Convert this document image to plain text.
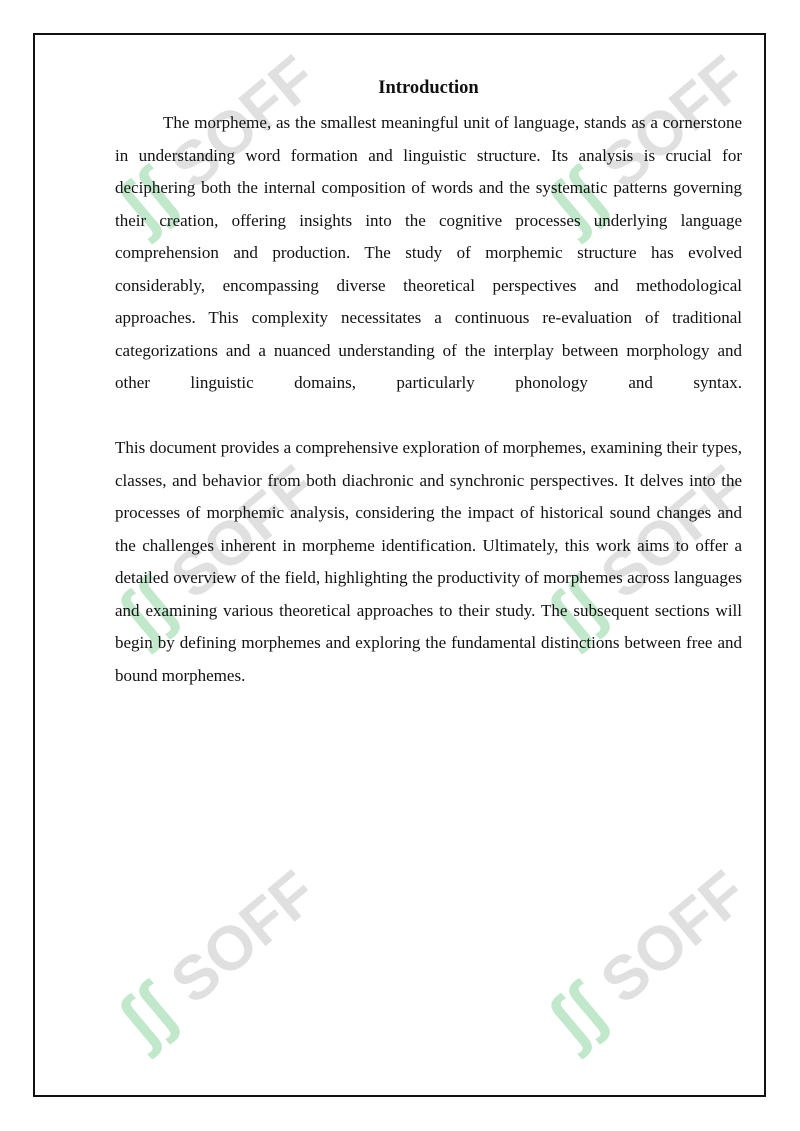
ʃʃ
SOFF	ʃʃ
SOFF
ʃʃ
SOFF	ʃʃ
SOFF
ʃʃ
SOFF	ʃʃ
SOFF
Introduction

The morpheme, as the smallest meaningful unit of language, stands as a cornerstone in understanding word formation and linguistic structure. Its analysis is crucial for deciphering both the internal composition of words and the systematic patterns governing their creation, offering insights into the cognitive processes underlying language comprehension and production. The study of morphemic structure has evolved considerably, encompassing diverse theoretical perspectives and methodological approaches. This complexity necessitates a continuous re-evaluation of traditional categorizations and a nuanced understanding of the interplay between morphology and other linguistic domains, particularly phonology and syntax.

This document provides a comprehensive exploration of morphemes, examining their types, classes, and behavior from both diachronic and synchronic perspectives. It delves into the processes of morphemic analysis, considering the impact of historical sound changes and the challenges inherent in morpheme identification. Ultimately, this work aims to offer a detailed overview of the field, highlighting the productivity of morphemes across languages and examining various theoretical approaches to their study. The subsequent sections will begin by defining morphemes and exploring the fundamental distinctions between free and bound morphemes.
